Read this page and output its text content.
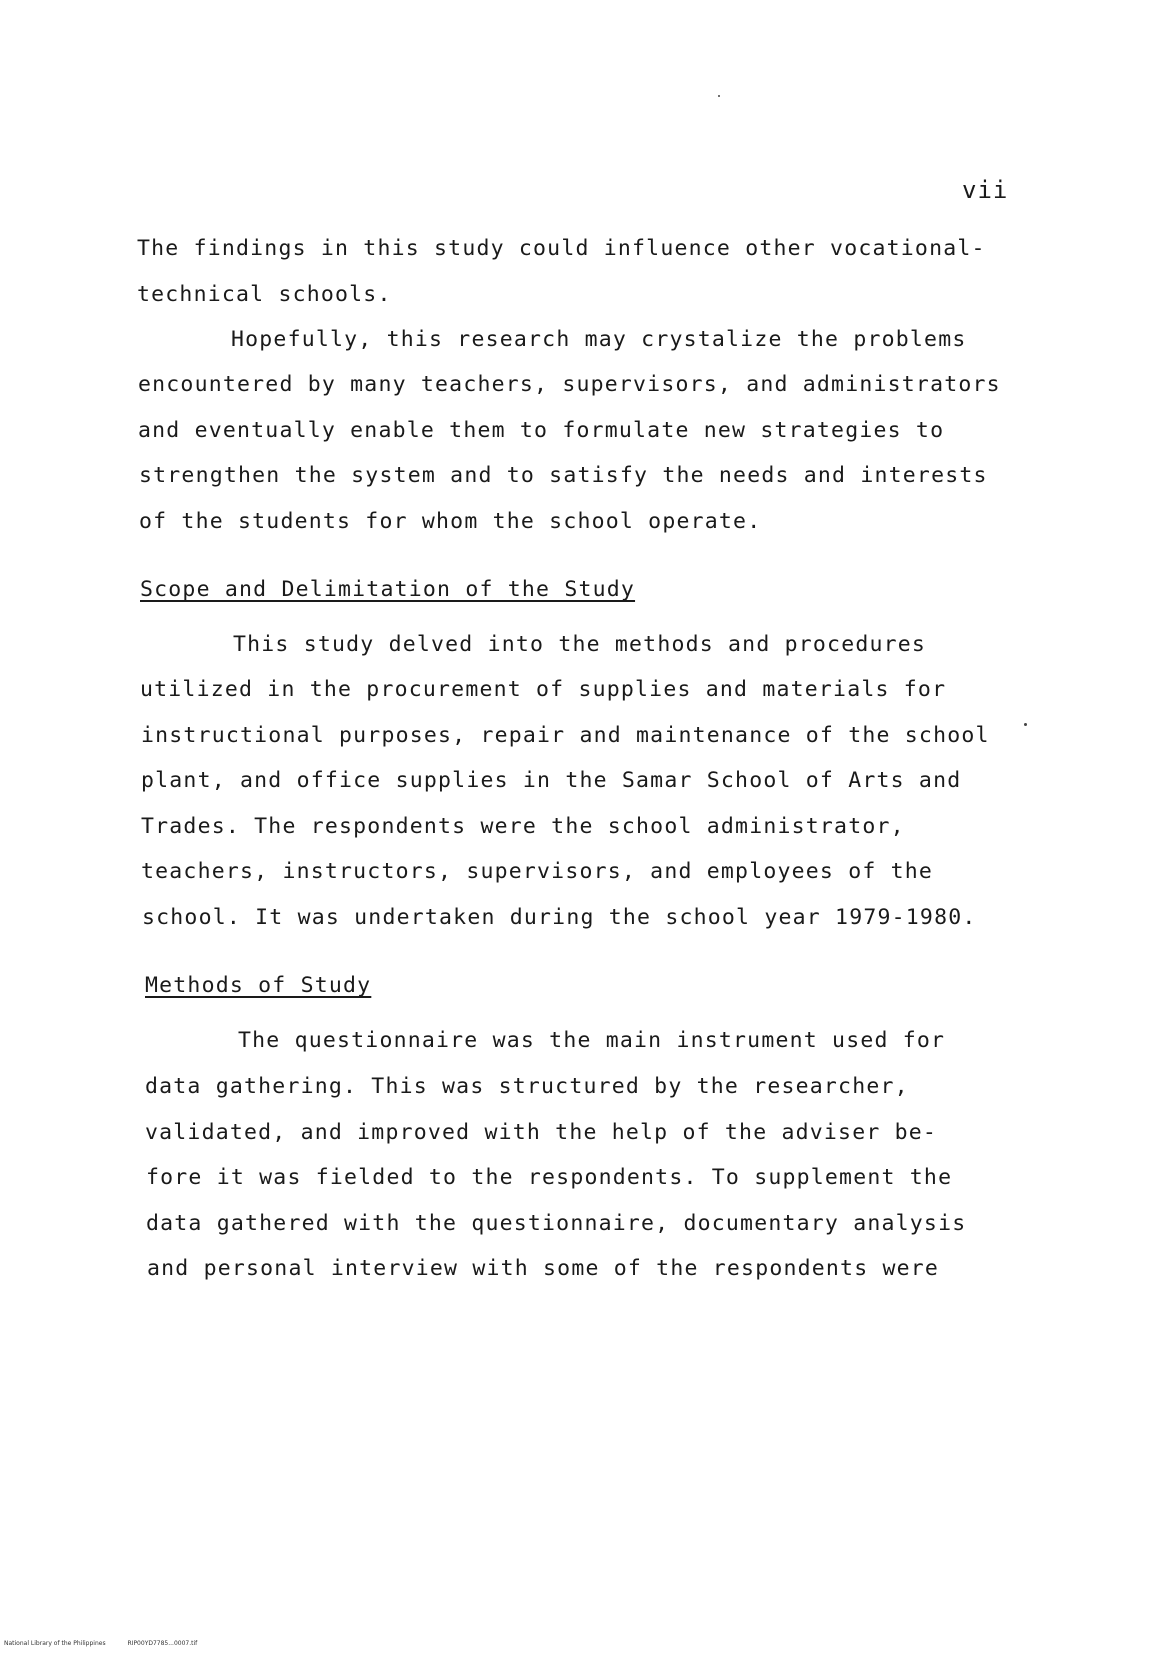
vii
The findings in this study could influence other vocational-
technical schools.
Hopefully, this research may crystalize the problems
encountered by many teachers, supervisors, and administrators
and eventually enable them to formulate new strategies to
strengthen the system and to satisfy the needs and interests
of the students for whom the school operate.
Scope and Delimitation of the Study
This study delved into the methods and procedures
utilized in the procurement of supplies and materials for
instructional purposes, repair and maintenance of the school
plant, and office supplies in the Samar School of Arts and
Trades. The respondents were the school administrator,
teachers, instructors, supervisors, and employees of the
school. It was undertaken during the school year 1979-1980.
Methods of Study
The questionnaire was the main instrument used for
data gathering. This was structured by the researcher,
validated, and improved with the help of the adviser be-
fore it was fielded to the respondents. To supplement the
data gathered with the questionnaire, documentary analysis
and personal interview with some of the respondents were
National Library of the Philippines	RIP00YD7785...0007.tif
